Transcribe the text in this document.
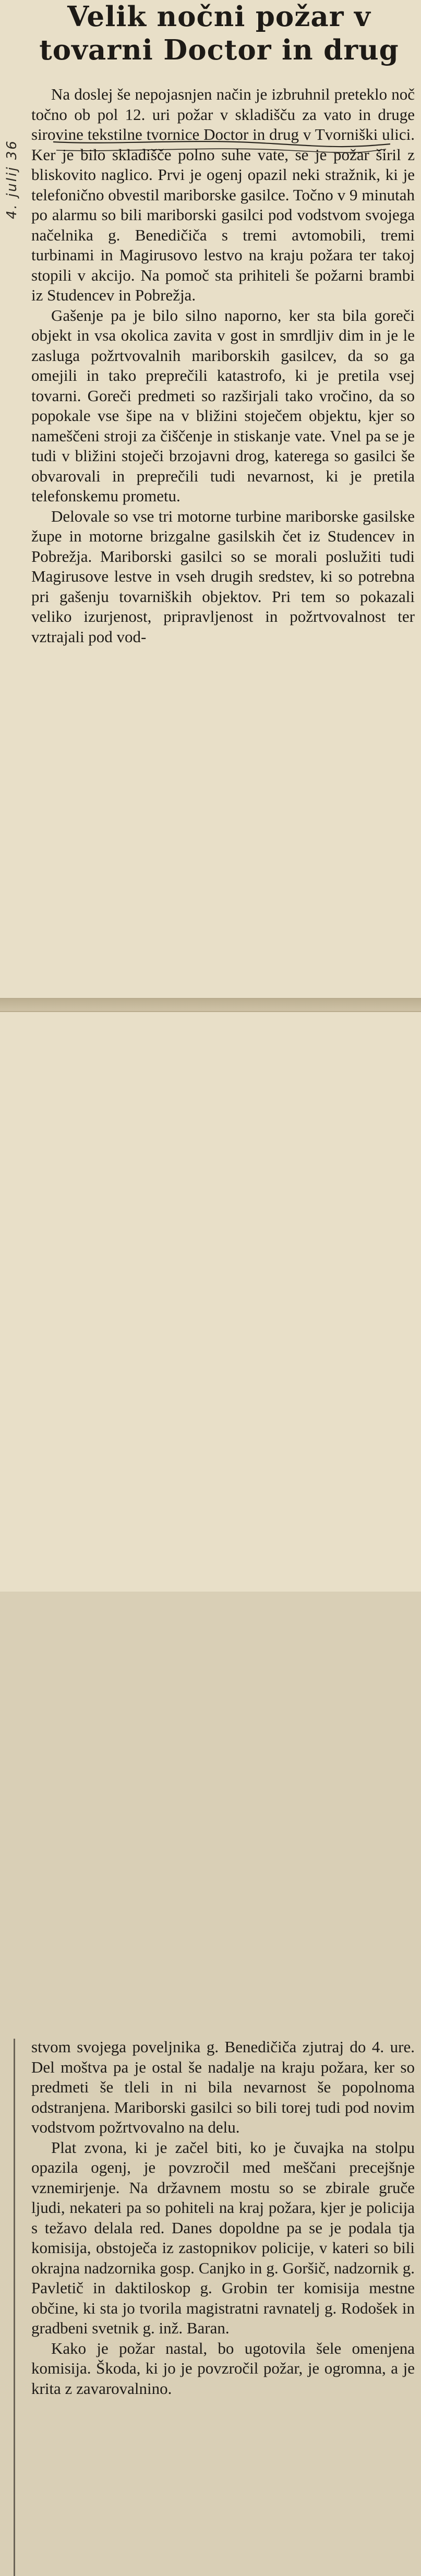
Velik nočni požar v
tovarni Doctor in drug
4. julij 36

Na doslej še nepojasnjen način je izbruhnil preteklo noč točno ob pol 12. uri požar v skladišču za vato in druge sirovine tekstilne tvornice Doctor in drug v Tvorniški ulici. Ker je bilo skladišče polno suhe vate, se je požar širil z bliskovito naglico. Prvi je ogenj opazil neki stražnik, ki je telefonično obvestil mariborske gasilce. Točno v 9 minutah po alarmu so bili mariborski gasilci pod vodstvom svojega načelnika g. Benedičiča s tremi avtomobili, tremi turbinami in Magirusovo lestvo na kraju požara ter takoj stopili v akcijo. Na pomoč sta prihiteli še požarni brambi iz Studencev in Pobrežja.

Gašenje pa je bilo silno naporno, ker sta bila goreči objekt in vsa okolica zavita v gost in smrdljiv dim in je le zasluga požrtvovalnih mariborskih gasilcev, da so ga omejili in tako preprečili katastrofo, ki je pretila vsej tovarni. Goreči predmeti so razširjali tako vročino, da so popokale vse šipe na v bližini stoječem objektu, kjer so nameščeni stroji za čiščenje in stiskanje vate. Vnel pa se je tudi v bližini stoječi brzojavni drog, katerega so gasilci še obvarovali in preprečili tudi nevarnost, ki je pretila telefonskemu prometu.

Delovale so vse tri motorne turbine mariborske gasilske župe in motorne brizgalne gasilskih čet iz Studencev in Pobrežja. Mariborski gasilci so se morali poslužiti tudi Magirusove lestve in vseh drugih sredstev, ki so potrebna pri gašenju tovarniških objektov. Pri tem so pokazali veliko izurjenost, pripravljenost in požrtvovalnost ter vztrajali pod vod-

stvom svojega poveljnika g. Benedičiča zjutraj do 4. ure. Del moštva pa je ostal še nadalje na kraju požara, ker so predmeti še tleli in ni bila nevarnost še popolnoma odstranjena. Mariborski gasilci so bili torej tudi pod novim vodstvom požrtvovalno na delu.

Plat zvona, ki je začel biti, ko je čuvajka na stolpu opazila ogenj, je povzročil med meščani precejšnje vznemirjenje. Na državnem mostu so se zbirale gruče ljudi, nekateri pa so pohiteli na kraj požara, kjer je policija s težavo delala red. Danes dopoldne pa se je podala tja komisija, obstoječa iz zastopnikov policije, v kateri so bili okrajna nadzornika gosp. Canjko in g. Goršič, nadzornik g. Pavletič in daktiloskop g. Grobin ter komisija mestne občine, ki sta jo tvorila magistratni ravnatelj g. Rodošek in gradbeni svetnik g. inž. Baran.

Kako je požar nastal, bo ugotovila šele omenjena komisija. Škoda, ki jo je povzročil požar, je ogromna, a je krita z zavarovalnino.
